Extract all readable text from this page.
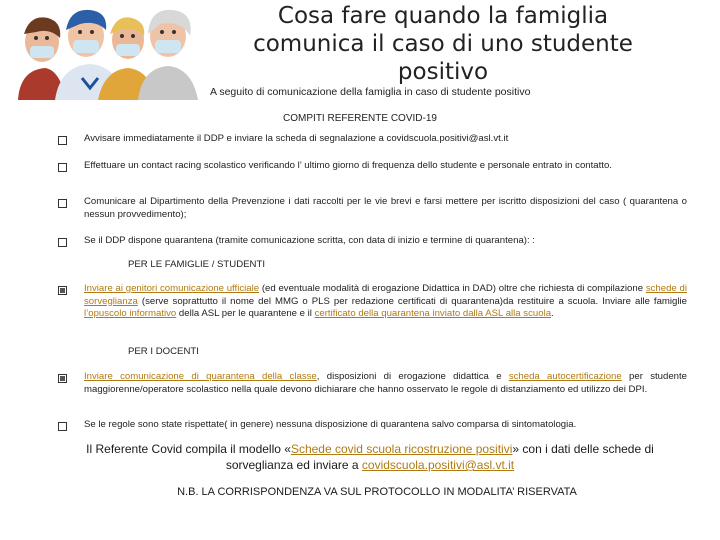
Cosa fare quando la famiglia comunica il caso di uno studente positivo
A seguito di comunicazione della famiglia in caso di studente positivo
COMPITI REFERENTE COVID-19
Avvisare immediatamente il DDP e inviare la scheda di segnalazione a covidscuola.positivi@asl.vt.it
Effettuare un contact racing scolastico verificando l’ ultimo giorno di frequenza dello studente e personale entrato in contatto.
Comunicare al Dipartimento della Prevenzione i dati raccolti per le vie brevi e farsi mettere per iscritto disposizioni del caso ( quarantena o nessun provvedimento);
Se il DDP dispone quarantena (tramite comunicazione scritta, con data di inizio e termine di quarantena): :
PER LE FAMIGLIE / STUDENTI
Inviare ai genitori comunicazione ufficiale (ed eventuale modalità di erogazione Didattica in DAD) oltre che richiesta di compilazione schede di sorveglianza (serve soprattutto il nome del MMG o PLS per redazione certificati di quarantena)da restituire a scuola. Inviare alle famiglie l’opuscolo informativo della ASL per le quarantene e il certificato della quarantena inviato dalla ASL alla scuola.
PER I DOCENTI
Inviare comunicazione di quarantena della classe, disposizioni di erogazione didattica e scheda autocertificazione per studente maggiorenne/operatore scolastico nella quale devono dichiarare che hanno osservato le regole di distanziamento ed utilizzo dei DPI.
Se le regole sono state rispettate( in genere) nessuna disposizione di quarantena salvo comparsa di sintomatologia.
Il Referente Covid compila il modello «Schede covid scuola ricostruzione positivi» con i dati delle schede di sorveglianza ed inviare a covidscuola.positivi@asl.vt.it
N.B. LA CORRISPONDENZA VA SUL PROTOCOLLO IN MODALITA’ RISERVATA
